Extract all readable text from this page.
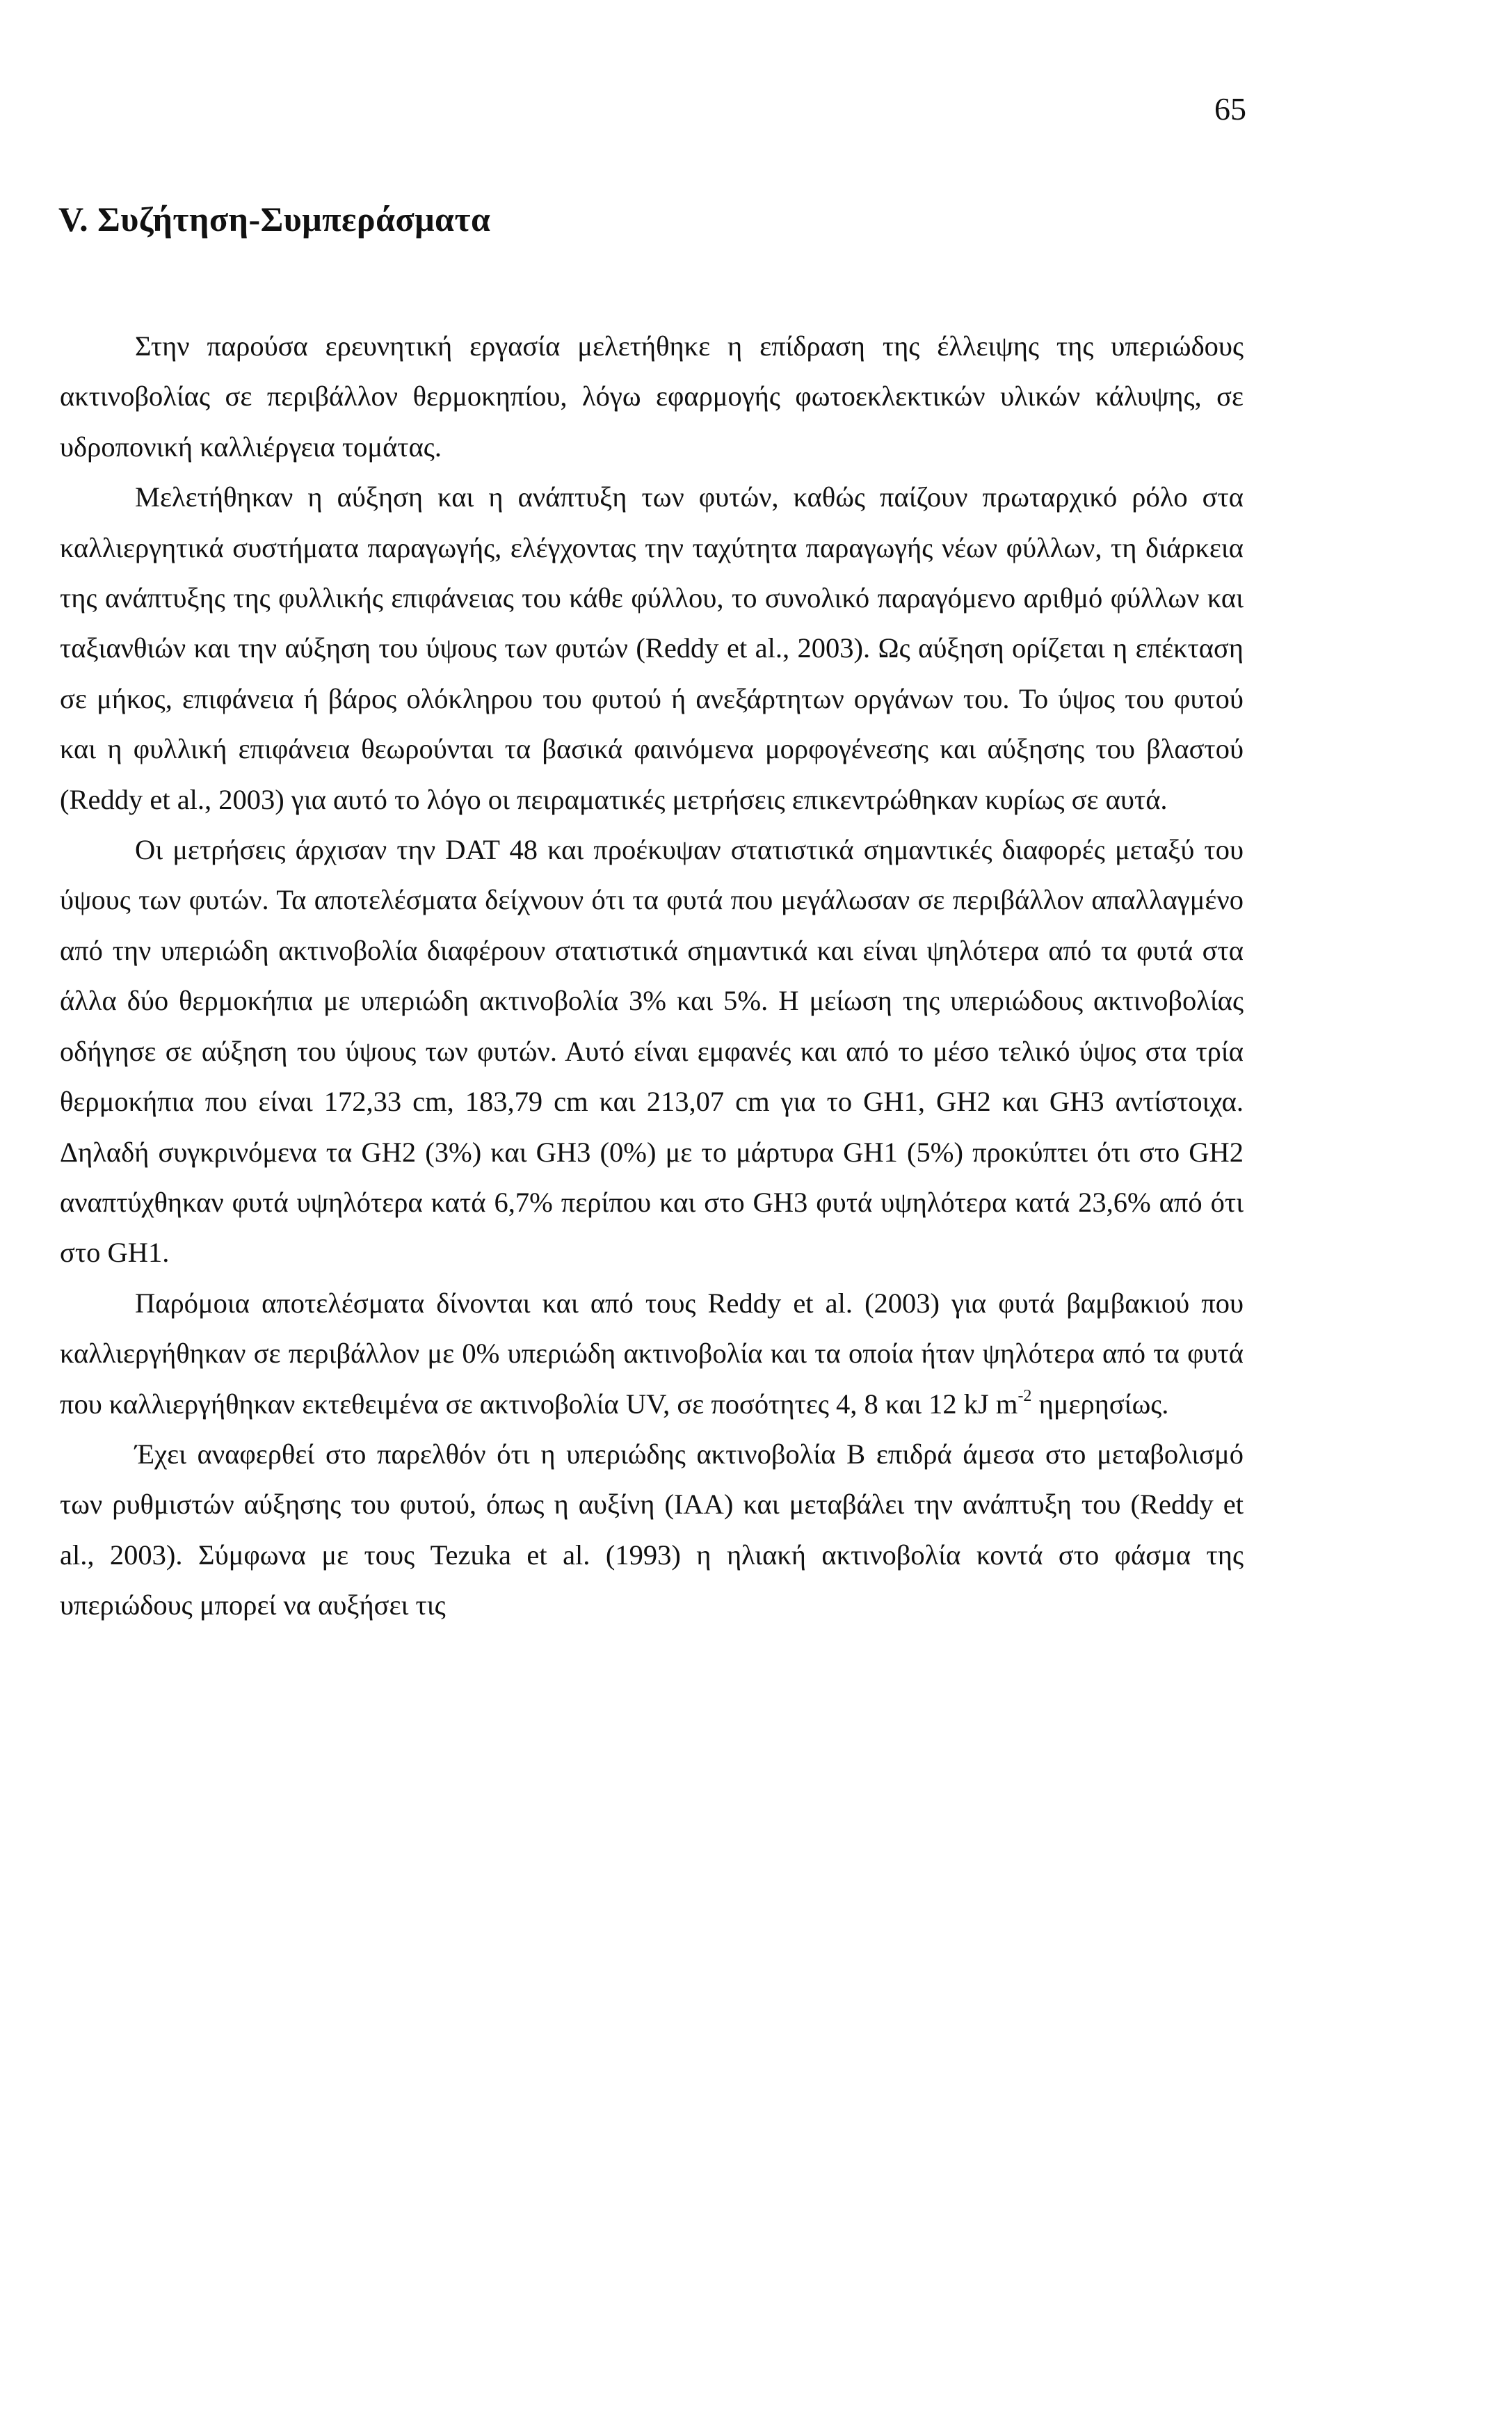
65
V. Συζήτηση-Συμπεράσματα

Στην παρούσα ερευνητική εργασία μελετήθηκε η επίδραση της έλλειψης της υπεριώδους ακτινοβολίας σε περιβάλλον θερμοκηπίου, λόγω εφαρμογής φωτοεκλεκτικών υλικών κάλυψης, σε υδροπονική καλλιέργεια τομάτας.

Μελετήθηκαν η αύξηση και η ανάπτυξη των φυτών, καθώς παίζουν πρωταρχικό ρόλο στα καλλιεργητικά συστήματα παραγωγής, ελέγχοντας την ταχύτητα παραγωγής νέων φύλλων, τη διάρκεια της ανάπτυξης της φυλλικής επιφάνειας του κάθε φύλλου, το συνολικό παραγόμενο αριθμό φύλλων και ταξιανθιών και την αύξηση του ύψους των φυτών (Reddy et al., 2003). Ως αύξηση ορίζεται η επέκταση σε μήκος, επιφάνεια ή βάρος ολόκληρου του φυτού ή ανεξάρτητων οργάνων του. Το ύψος του φυτού και η φυλλική επιφάνεια θεωρούνται τα βασικά φαινόμενα μορφογένεσης και αύξησης του βλαστού (Reddy et al., 2003) για αυτό το λόγο οι πειραματικές μετρήσεις επικεντρώθηκαν κυρίως σε αυτά.

Οι μετρήσεις άρχισαν την DAT 48 και προέκυψαν στατιστικά σημαντικές διαφορές μεταξύ του ύψους των φυτών. Τα αποτελέσματα δείχνουν ότι τα φυτά που μεγάλωσαν σε περιβάλλον απαλλαγμένο από την υπεριώδη ακτινοβολία διαφέρουν στατιστικά σημαντικά και είναι ψηλότερα από τα φυτά στα άλλα δύο θερμοκήπια με υπεριώδη ακτινοβολία 3% και 5%. Η μείωση της υπεριώδους ακτινοβολίας οδήγησε σε αύξηση του ύψους των φυτών. Αυτό είναι εμφανές και από το μέσο τελικό ύψος στα τρία θερμοκήπια που είναι 172,33 cm, 183,79 cm και 213,07 cm για το GH1, GH2 και GH3 αντίστοιχα. Δηλαδή συγκρινόμενα τα GH2 (3%) και GH3 (0%) με το μάρτυρα GH1 (5%) προκύπτει ότι στο GH2 αναπτύχθηκαν φυτά υψηλότερα κατά 6,7% περίπου και στο GH3 φυτά υψηλότερα κατά 23,6% από ότι στο GH1.

Παρόμοια αποτελέσματα δίνονται και από τους Reddy et al. (2003) για φυτά βαμβακιού που καλλιεργήθηκαν σε περιβάλλον με 0% υπεριώδη ακτινοβολία και τα οποία ήταν ψηλότερα από τα φυτά που καλλιεργήθηκαν εκτεθειμένα σε ακτινοβολία UV, σε ποσότητες 4, 8 και 12 kJ $m^{-2}$ ημερησίως.

Έχει αναφερθεί στο παρελθόν ότι η υπεριώδης ακτινοβολία Β επιδρά άμεσα στο μεταβολισμό των ρυθμιστών αύξησης του φυτού, όπως η αυξίνη (IAA) και μεταβάλει την ανάπτυξη του (Reddy et al., 2003). Σύμφωνα με τους Tezuka et al. (1993) η ηλιακή ακτινοβολία κοντά στο φάσμα της υπεριώδους μπορεί να αυξήσει τις
